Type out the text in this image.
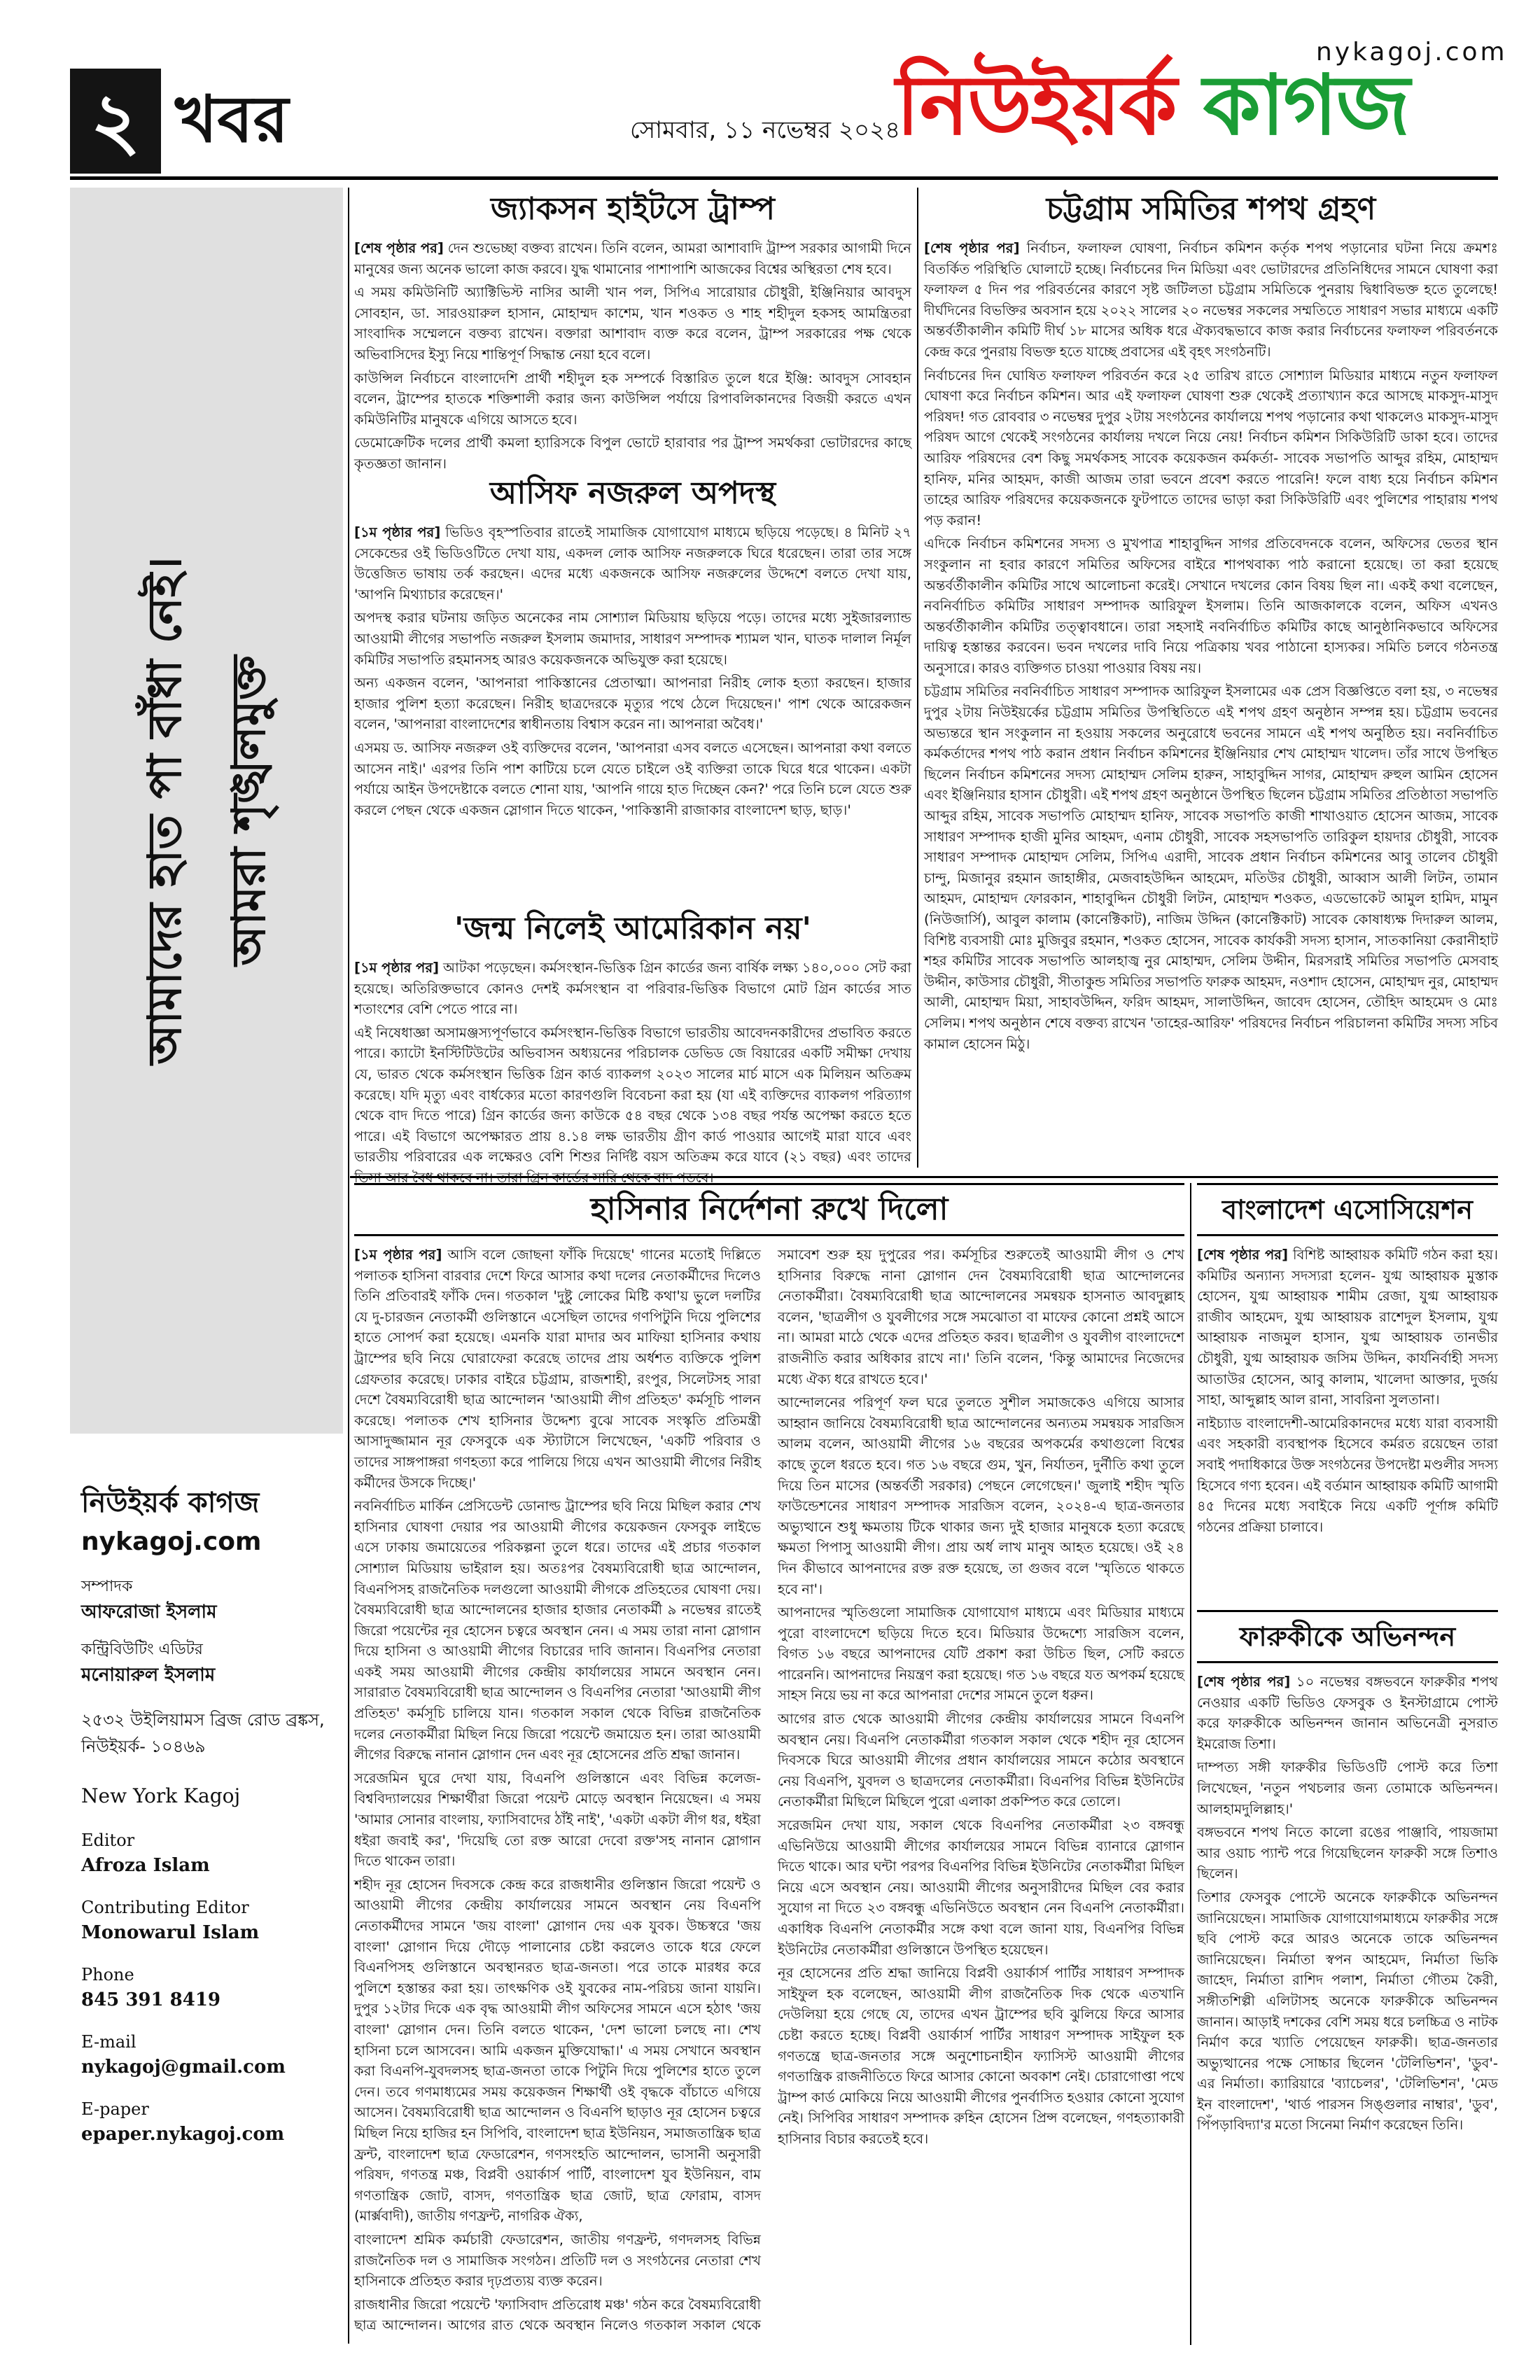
২ খবর	সোমবার, ১১ নভেম্বর ২০২৪
nykagoj.com
নিউইয়র্ক কাগজ
আমাদের হাত পা বাঁধা নেই। আমরা শৃঙ্খলমুক্ত
নিউইয়র্ক কাগজ
nykagoj.com
সম্পাদক
আফরোজা ইসলাম
কন্ট্রিবিউটিং এডিটর
মনোয়ারুল ইসলাম
২৫৩২ উইলিয়ামস ব্রিজ রোড ব্রঙ্কস, নিউইয়র্ক- ১০৪৬৯
New York Kagoj
Editor
Afroza Islam
Contributing Editor
Monowarul Islam
Phone
845 391 8419
E-mail
nykagoj@gmail.com
E-paper
epaper.nykagoj.com
জ্যাকসন হাইটসে ট্রাম্প

[শেষ পৃষ্ঠার পর] দেন শুভেচ্ছা বক্তব্য রাখেন। তিনি বলেন, আমরা আশাবাদি ট্রাম্প সরকার আগামী দিনে মানুষের জন্য অনেক ভালো কাজ করবে। যুদ্ধ থামানোর পাশাপাশি আজকের বিশ্বের অস্থিরতা শেষ হবে।

এ সময় কমিউনিটি অ্যাক্টিভিস্ট নাসির আলী খান পল, সিপিএ সারোয়ার চৌধুরী, ইঞ্জিনিয়ার আবদুস সোবহান, ডা. সারওয়ারুল হাসান, মোহাম্মদ কাশেম, খান শওকত ও শাহ শহীদুল হকসহ আমন্ত্রিতরা সাংবাদিক সম্মেলনে বক্তব্য রাখেন। বক্তারা আশাবাদ ব্যক্ত করে বলেন, ট্রাম্প সরকারের পক্ষ থেকে অভিবাসিদের ইস্যু নিয়ে শান্তিপূর্ণ সিদ্ধান্ত নেয়া হবে বলে।

কাউন্সিল নির্বাচনে বাংলাদেশি প্রার্থী শহীদুল হক সম্পর্কে বিস্তারিত তুলে ধরে ইঞ্জি: আবদুস সোবহান বলেন, ট্রাম্পের হাতকে শক্তিশালী করার জন্য কাউন্সিল পর্যায়ে রিপাবলিকানদের বিজয়ী করতে এখন কমিউনিটির মানুষকে এগিয়ে আসতে হবে।

ডেমোক্রেটিক দলের প্রার্থী কমলা হ্যারিসকে বিপুল ভোটে হারাবার পর ট্রাম্প সমর্থকরা ভোটারদের কাছে কৃতজ্ঞতা জানান।

আসিফ নজরুল অপদস্থ

[১ম পৃষ্ঠার পর] ভিডিও বৃহস্পতিবার রাতেই সামাজিক যোগাযোগ মাধ্যমে ছড়িয়ে পড়েছে। ৪ মিনিট ২৭ সেকেন্ডের ওই ভিডিওটিতে দেখা যায়, একদল লোক আসিফ নজরুলকে ঘিরে ধরেছেন। তারা তার সঙ্গে উত্তেজিত ভাষায় তর্ক করছেন। এদের মধ্যে একজনকে আসিফ নজরুলের উদ্দেশে বলতে দেখা যায়, 'আপনি মিথ্যাচার করেছেন।'

অপদস্থ করার ঘটনায় জড়িত অনেকের নাম সোশ্যাল মিডিয়ায় ছড়িয়ে পড়ে। তাদের মধ্যে সুইজারল্যান্ড আওয়ামী লীগের সভাপতি নজরুল ইসলাম জমাদার, সাধারণ সম্পাদক শ্যামল খান, ঘাতক দালাল নির্মূল কমিটির সভাপতি রহমানসহ আরও কয়েকজনকে অভিযুক্ত করা হয়েছে।

অন্য একজন বলেন, 'আপনারা পাকিস্তানের প্রেতাত্মা। আপনারা নিরীহ লোক হত্যা করছেন। হাজার হাজার পুলিশ হত্যা করেছেন। নিরীহ ছাত্রদেরকে মৃত্যুর পথে ঠেলে দিয়েছেন।' পাশ থেকে আরেকজন বলেন, 'আপনারা বাংলাদেশের স্বাধীনতায় বিশ্বাস করেন না। আপনারা অবৈধ।'

এসময় ড. আসিফ নজরুল ওই ব্যক্তিদের বলেন, 'আপনারা এসব বলতে এসেছেন। আপনারা কথা বলতে আসেন নাই।' এরপর তিনি পাশ কাটিয়ে চলে যেতে চাইলে ওই ব্যক্তিরা তাকে ঘিরে ধরে থাকেন। একটা পর্যায়ে আইন উপদেষ্টাকে বলতে শোনা যায়, 'আপনি গায়ে হাত দিচ্ছেন কেন?' পরে তিনি চলে যেতে শুরু করলে পেছন থেকে একজন স্লোগান দিতে থাকেন, 'পাকিস্তানী রাজাকার বাংলাদেশ ছাড়, ছাড়।'

'জন্ম নিলেই আমেরিকান নয়'

[১ম পৃষ্ঠার পর] আটকা পড়েছেন। কর্মসংস্থান-ভিত্তিক গ্রিন কার্ডের জন্য বার্ষিক লক্ষ্য ১৪০,০০০ সেট করা হয়েছে। অতিরিক্তভাবে কোনও দেশই কর্মসংস্থান বা পরিবার-ভিত্তিক বিভাগে মোট গ্রিন কার্ডের সাত শতাংশের বেশি পেতে পারে না।

এই নিষেধাজ্ঞা অসামঞ্জস্যপূর্ণভাবে কর্মসংস্থান-ভিত্তিক বিভাগে ভারতীয় আবেদনকারীদের প্রভাবিত করতে পারে। ক্যাটো ইনস্টিটিউটের অভিবাসন অধ্যয়নের পরিচালক ডেভিড জে বিয়ারের একটি সমীক্ষা দেখায় যে, ভারত থেকে কর্মসংস্থান ভিত্তিক গ্রিন কার্ড ব্যাকলগ ২০২৩ সালের মার্চ মাসে এক মিলিয়ন অতিক্রম করেছে। যদি মৃত্যু এবং বার্ধক্যের মতো কারণগুলি বিবেচনা করা হয় (যা এই ব্যক্তিদের ব্যাকলগ পরিত্যাগ থেকে বাদ দিতে পারে) গ্রিন কার্ডের জন্য কাউকে ৫৪ বছর থেকে ১৩৪ বছর পর্যন্ত অপেক্ষা করতে হতে পারে। এই বিভাগে অপেক্ষারত প্রায় ৪.১৪ লক্ষ ভারতীয় গ্রীণ কার্ড পাওয়ার আগেই মারা যাবে এবং ভারতীয় পরিবারের এক লক্ষেরও বেশি শিশুর নির্দিষ্ট বয়স অতিক্রম করে যাবে (২১ বছর) এবং তাদের ভিসা আর বৈধ থাকবে না। তারা গ্রিন কার্ডের সারি থেকে বাদ পড়বে।

চট্টগ্রাম সমিতির শপথ গ্রহণ

[শেষ পৃষ্ঠার পর] নির্বাচন, ফলাফল ঘোষণা, নির্বাচন কমিশন কর্তৃক শপথ পড়ানোর ঘটনা নিয়ে ক্রমশঃ বিতর্কিত পরিস্থিতি ঘোলাটে হচ্ছে। নির্বাচনের দিন মিডিয়া এবং ভোটারদের প্রতিনিধিদের সামনে ঘোষণা করা ফলাফল ৫ দিন পর পরিবর্তনের কারণে সৃষ্ট জটিলতা চট্টগ্রাম সমিতিকে পুনরায় দ্বিধাবিভক্ত হতে তুলেছে! দীর্ঘদিনের বিভক্তির অবসান হয়ে ২০২২ সালের ২০ নভেম্বর সকলের সম্মতিতে সাধারণ সভার মাধ্যমে একটি অন্তর্বর্তীকালীন কমিটি দীর্ঘ ১৮ মাসের অধিক ধরে ঐক্যবদ্ধভাবে কাজ করার নির্বাচনের ফলাফল পরিবর্তনকে কেন্দ্র করে পুনরায় বিভক্ত হতে যাচ্ছে প্রবাসের এই বৃহৎ সংগঠনটি।

নির্বাচনের দিন ঘোষিত ফলাফল পরিবর্তন করে ২৫ তারিখ রাতে সোশ্যাল মিডিয়ার মাধ্যমে নতুন ফলাফল ঘোষণা করে নির্বাচন কমিশন। আর এই ফলাফল ঘোষণা শুরু থেকেই প্রত্যাখ্যান করে আসছে মাকসুদ-মাসুদ পরিষদ! গত রোববার ৩ নভেম্বর দুপুর ২টায় সংগঠনের কার্যালয়ে শপথ পড়ানোর কথা থাকলেও মাকসুদ-মাসুদ পরিষদ আগে থেকেই সংগঠনের কার্যালয় দখলে নিয়ে নেয়! নির্বাচন কমিশন সিকিউরিটি ডাকা হবে। তাদের আরিফ পরিষদের বেশ কিছু সমর্থকসহ সাবেক কয়েকজন কর্মকর্তা- সাবেক সভাপতি আব্দুর রহিম, মোহাম্মদ হানিফ, মনির আহমদ, কাজী আজম তারা ভবনে প্রবেশ করতে পারেনি! ফলে বাধ্য হয়ে নির্বাচন কমিশন তাহের আরিফ পরিষদের কয়েকজনকে ফুটপাতে তাদের ভাড়া করা সিকিউরিটি এবং পুলিশের পাহারায় শপথ পড় করান!

এদিকে নির্বাচন কমিশনের সদস্য ও মুখপাত্র শাহাবুদ্দিন সাগর প্রতিবেদনকে বলেন, অফিসের ভেতর স্থান সংকুলান না হবার কারণে সমিতির অফিসের বাইরে শাপথবাক্য পাঠ করানো হয়েছে। তা করা হয়েছে অন্তর্বর্তীকালীন কমিটির সাথে আলোচনা করেই। সেখানে দখলের কোন বিষয় ছিল না। একই কথা বলেছেন, নবনির্বাচিত কমিটির সাধারণ সম্পাদক আরিফুল ইসলাম। তিনি আজকালকে বলেন, অফিস এখনও অন্তর্বর্তীকালীন কমিটির তত্ত্বাবধানে। তারা সহসাই নবনির্বাচিত কমিটির কাছে আনুষ্ঠানিকভাবে অফিসের দায়িত্ব হস্তান্তর করবেন। ভবন দখলের দাবি নিয়ে পত্রিকায় খবর পাঠানো হাস্যকর। সমিতি চলবে গঠনতন্ত্র অনুসারে। কারও ব্যক্তিগত চাওয়া পাওয়ার বিষয় নয়।

চট্টগ্রাম সমিতির নবনির্বাচিত সাধারণ সম্পাদক আরিফুল ইসলামের এক প্রেস বিজ্ঞপ্তিতে বলা হয়, ৩ নভেম্বর দুপুর ২টায় নিউইয়র্কের চট্টগ্রাম সমিতির উপস্থিতিতে এই শপথ গ্রহণ অনুষ্ঠান সম্পন্ন হয়। চট্টগ্রাম ভবনের অভ্যন্তরে স্থান সংকুলান না হওয়ায় সকলের অনুরোধে ভবনের সামনে এই শপথ অনুষ্ঠিত হয়। নবনির্বাচিত কর্মকর্তাদের শপথ পাঠ করান প্রধান নির্বাচন কমিশনের ইঞ্জিনিয়ার শেখ মোহাম্মদ খালেদ। তাঁর সাথে উপস্থিত ছিলেন নির্বাচন কমিশনের সদস্য মোহাম্মদ সেলিম হারুন, সাহাবুদ্দিন সাগর, মোহাম্মদ রুহুল আমিন হোসেন এবং ইঞ্জিনিয়ার হাসান চৌধুরী। এই শপথ গ্রহণ অনুষ্ঠানে উপস্থিত ছিলেন চট্টগ্রাম সমিতির প্রতিষ্ঠাতা সভাপতি আব্দুর রহিম, সাবেক সভাপতি মোহাম্মদ হানিফ, সাবেক সভাপতি কাজী শাখাওয়াত হোসেন আজম, সাবেক সাধারণ সম্পাদক হাজী মুনির আহমদ, এনাম চৌধুরী, সাবেক সহসভাপতি তারিকুল হায়দার চৌধুরী, সাবেক সাধারণ সম্পাদক মোহাম্মদ সেলিম, সিপিএ এরাদী, সাবেক প্রধান নির্বাচন কমিশনের আবু তালেব চৌধুরী চান্দু, মিজানুর রহমান জাহাঙ্গীর, মেজবাহউদ্দিন আহমেদ, মতিউর চৌধুরী, আব্বাস আলী লিটন, তামান আহমদ, মোহাম্মদ ফোরকান, শাহাবুদ্দিন চৌধুরী লিটন, মোহাম্মদ শওকত, এডভোকেট আমুল হামিদ, মামুন (নিউজার্সি), আবুল কালাম (কানেক্টিকাট), নাজিম উদ্দিন (কানেক্টিকাট) সাবেক কোষাধ্যক্ষ দিদারুল আলম, বিশিষ্ট ব্যবসায়ী মোঃ মুজিবুর রহমান, শওকত হোসেন, সাবেক কার্যকরী সদস্য হাসান, সাতকানিয়া কেরানীহাট শহর কমিটির সাবেক সভাপতি আলহাজ্ব নুর মোহাম্মদ, সেলিম উদ্দীন, মিরসরাই সমিতির সভাপতি মেসবাহ উদ্দীন, কাউসার চৌধুরী, সীতাকুন্ড সমিতির সভাপতি ফারুক আহমদ, নওশাদ হোসেন, মোহাম্মদ নুর, মোহাম্মদ আলী, মোহাম্মদ মিয়া, সাহাবউদ্দিন, ফরিদ আহমদ, সালাউদ্দিন, জাবেদ হোসেন, তৌহিদ আহমেদ ও মোঃ সেলিম। শপথ অনুষ্ঠান শেষে বক্তব্য রাখেন 'তাহের-আরিফ' পরিষদের নির্বাচন পরিচালনা কমিটির সদস্য সচিব কামাল হোসেন মিঠু।

হাসিনার নির্দেশনা রুখে দিলো

[১ম পৃষ্ঠার পর] আসি বলে জোছনা ফাঁকি দিয়েছে' গানের মতোই দিল্লিতে পলাতক হাসিনা বারবার দেশে ফিরে আসার কথা দলের নেতাকর্মীদের দিলেও তিনি প্রতিবারই ফাঁকি দেন। গতকাল 'দুষ্টু লোকের মিষ্টি কথা'য় ভুলে দলটির যে দু-চারজন নেতাকর্মী গুলিস্তানে এসেছিল তাদের গণপিটুনি দিয়ে পুলিশের হাতে সোপর্দ করা হয়েছে। এমনকি যারা মাদার অব মাফিয়া হাসিনার কথায় ট্রাম্পের ছবি নিয়ে ঘোরাফেরা করেছে তাদের প্রায় অর্ধশত ব্যক্তিকে পুলিশ গ্রেফতার করেছে। ঢাকার বাইরে চট্টগ্রাম, রাজশাহী, রংপুর, সিলেটসহ সারা দেশে বৈষম্যবিরোধী ছাত্র আন্দোলন 'আওয়ামী লীগ প্রতিহত' কর্মসূচি পালন করেছে। পলাতক শেখ হাসিনার উদ্দেশ্য বুঝে সাবেক সংস্কৃতি প্রতিমন্ত্রী আসাদুজ্জামান নূর ফেসবুকে এক স্ট্যাটাসে লিখেছেন, 'একটি পরিবার ও তাদের সাঙ্গপাঙ্গরা গণহত্যা করে পালিয়ে গিয়ে এখন আওয়ামী লীগের নিরীহ কর্মীদের উসকে দিচ্ছে।'

নবনির্বাচিত মার্কিন প্রেসিডেন্ট ডোনাল্ড ট্রাম্পের ছবি নিয়ে মিছিল করার শেখ হাসিনার ঘোষণা দেয়ার পর আওয়ামী লীগের কয়েকজন ফেসবুক লাইভে এসে ঢাকায় জমায়েতের পরিকল্পনা তুলে ধরে। তাদের এই প্রচার গতকাল সোশ্যাল মিডিয়ায় ভাইরাল হয়। অতঃপর বৈষম্যবিরোধী ছাত্র আন্দোলন, বিএনপিসহ রাজনৈতিক দলগুলো আওয়ামী লীগকে প্রতিহতের ঘোষণা দেয়। বৈষম্যবিরোধী ছাত্র আন্দোলনের হাজার হাজার নেতাকর্মী ৯ নভেম্বর রাতেই জিরো পয়েন্টের নূর হোসেন চত্বরে অবস্থান নেন। এ সময় তারা নানা স্লোগান দিয়ে হাসিনা ও আওয়ামী লীগের বিচারের দাবি জানান। বিএনপির নেতারা একই সময় আওয়ামী লীগের কেন্দ্রীয় কার্যালয়ের সামনে অবস্থান নেন। সারারাত বৈষম্যবিরোধী ছাত্র আন্দোলন ও বিএনপির নেতারা 'আওয়ামী লীগ প্রতিহত' কর্মসূচি চালিয়ে যান। গতকাল সকাল থেকে বিভিন্ন রাজনৈতিক দলের নেতাকর্মীরা মিছিল নিয়ে জিরো পয়েন্টে জমায়েত হন। তারা আওয়ামী লীগের বিরুদ্ধে নানান স্লোগান দেন এবং নূর হোসেনের প্রতি শ্রদ্ধা জানান।

সরেজমিন ঘুরে দেখা যায়, বিএনপি গুলিস্তানে এবং বিভিন্ন কলেজ-বিশ্ববিদ্যালয়ের শিক্ষার্থীরা জিরো পয়েন্ট মোড়ে অবস্থান নিয়েছেন। এ সময় 'আমার সোনার বাংলায়, ফ্যাসিবাদের ঠাঁই নাই', 'একটা একটা লীগ ধর, ধইরা ধইরা জবাই কর', 'দিয়েছি তো রক্ত আরো দেবো রক্ত'সহ নানান স্লোগান দিতে থাকেন তারা।

শহীদ নূর হোসেন দিবসকে কেন্দ্র করে রাজধানীর গুলিস্তান জিরো পয়েন্ট ও আওয়ামী লীগের কেন্দ্রীয় কার্যালয়ের সামনে অবস্থান নেয় বিএনপি নেতাকর্মীদের সামনে 'জয় বাংলা' স্লোগান দেয় এক যুবক। উচ্চস্বরে 'জয় বাংলা' স্লোগান দিয়ে দৌড়ে পালানোর চেষ্টা করলেও তাকে ধরে ফেলে বিএনপিসহ গুলিস্তানে অবস্থানরত ছাত্র-জনতা। পরে তাকে মারধর করে পুলিশে হস্তান্তর করা হয়। তাৎক্ষণিক ওই যুবকের নাম-পরিচয় জানা যায়নি। দুপুর ১২টার দিকে এক বৃদ্ধ আওয়ামী লীগ অফিসের সামনে এসে হঠাৎ 'জয় বাংলা' স্লোগান দেন। তিনি বলতে থাকেন, 'দেশ ভালো চলছে না। শেখ হাসিনা চলে আসবেন। আমি একজন মুক্তিযোদ্ধা।' এ সময় সেখানে অবস্থান করা বিএনপি-যুবদলসহ ছাত্র-জনতা তাকে পিটুনি দিয়ে পুলিশের হাতে তুলে দেন। তবে গণমাধ্যমের সময় কয়েকজন শিক্ষার্থী ওই বৃদ্ধকে বাঁচাতে এগিয়ে আসেন। বৈষম্যবিরোধী ছাত্র আন্দোলন ও বিএনপি ছাড়াও নূর হোসেন চত্বরে মিছিল নিয়ে হাজির হন সিপিবি, বাংলাদেশ ছাত্র ইউনিয়ন, সমাজতান্ত্রিক ছাত্র ফ্রন্ট, বাংলাদেশ ছাত্র ফেডারেশন, গণসংহতি আন্দোলন, ভাসানী অনুসারী পরিষদ, গণতন্ত্র মঞ্চ, বিপ্লবী ওয়ার্কার্স পার্টি, বাংলাদেশ যুব ইউনিয়ন, বাম গণতান্ত্রিক জোট, বাসদ, গণতান্ত্রিক ছাত্র জোট, ছাত্র ফোরাম, বাসদ (মার্ক্সবাদী), জাতীয় গণফ্রন্ট, নাগরিক ঐক্য,

বাংলাদেশ শ্রমিক কর্মচারী ফেডারেশন, জাতীয় গণফ্রন্ট, গণদলসহ বিভিন্ন রাজনৈতিক দল ও সামাজিক সংগঠন। প্রতিটি দল ও সংগঠনের নেতারা শেখ হাসিনাকে প্রতিহত করার দৃঢ়প্রত্যয় ব্যক্ত করেন।

রাজধানীর জিরো পয়েন্টে 'ফ্যাসিবাদ প্রতিরোধ মঞ্চ' গঠন করে বৈষম্যবিরোধী ছাত্র আন্দোলন। আগের রাত থেকে অবস্থান নিলেও গতকাল সকাল থেকে সমাবেশ শুরু হয় দুপুরের পর। কর্মসূচির শুরুতেই আওয়ামী লীগ ও শেখ হাসিনার বিরুদ্ধে নানা স্লোগান দেন বৈষম্যবিরোধী ছাত্র আন্দোলনের নেতাকর্মীরা। বৈষম্যবিরোধী ছাত্র আন্দোলনের সমন্বয়ক হাসনাত আবদুল্লাহ বলেন, 'ছাত্রলীগ ও যুবলীগের সঙ্গে সমঝোতা বা মাফের কোনো প্রশ্নই আসে না। আমরা মাঠে থেকে এদের প্রতিহত করব। ছাত্রলীগ ও যুবলীগ বাংলাদেশে রাজনীতি করার অধিকার রাখে না।' তিনি বলেন, 'কিন্তু আমাদের নিজেদের মধ্যে ঐক্য ধরে রাখতে হবে।'

আন্দোলনের পরিপূর্ণ ফল ঘরে তুলতে সুশীল সমাজকেও এগিয়ে আসার আহ্বান জানিয়ে বৈষম্যবিরোধী ছাত্র আন্দোলনের অন্যতম সমন্বয়ক সারজিস আলম বলেন, আওয়ামী লীগের ১৬ বছরের অপকর্মের কথাগুলো বিশ্বের কাছে তুলে ধরতে হবে। গত ১৬ বছরে গুম, খুন, নির্যাতন, দুর্নীতি কথা তুলে দিয়ে তিন মাসের (অন্তর্বর্তী সরকার) পেছনে লেগেছেন।' জুলাই শহীদ স্মৃতি ফাউন্ডেশনের সাধারণ সম্পাদক সারজিস বলেন, ২০২৪-এ ছাত্র-জনতার অভ্যুত্থানে শুধু ক্ষমতায় টিকে থাকার জন্য দুই হাজার মানুষকে হত্যা করেছে ক্ষমতা পিপাসু আওয়ামী লীগ। প্রায় অর্ধ লাখ মানুষ আহত হয়েছে। ওই ২৪ দিন কীভাবে আপনাদের রক্ত রক্ত হয়েছে, তা গুজব বলে 'স্মৃতিতে থাকতে হবে না'।

আপনাদের স্মৃতিগুলো সামাজিক যোগাযোগ মাধ্যমে এবং মিডিয়ার মাধ্যমে পুরো বাংলাদেশে ছড়িয়ে দিতে হবে। মিডিয়ার উদ্দেশ্যে সারজিস বলেন, বিগত ১৬ বছরে আপনাদের যেটি প্রকাশ করা উচিত ছিল, সেটি করতে পারেননি। আপনাদের নিয়ন্ত্রণ করা হয়েছে। গত ১৬ বছরে যত অপকর্ম হয়েছে সাহস নিয়ে ভয় না করে আপনারা দেশের সামনে তুলে ধরুন।

আগের রাত থেকে আওয়ামী লীগের কেন্দ্রীয় কার্যালয়ের সামনে বিএনপি অবস্থান নেয়। বিএনপি নেতাকর্মীরা গতকাল সকাল থেকে শহীদ নূর হোসেন দিবসকে ঘিরে আওয়ামী লীগের প্রধান কার্যালয়ের সামনে কঠোর অবস্থানে নেয় বিএনপি, যুবদল ও ছাত্রদলের নেতাকর্মীরা। বিএনপির বিভিন্ন ইউনিটের নেতাকর্মীরা মিছিলে মিছিলে পুরো এলাকা প্রকম্পিত করে তোলে।

সরেজমিন দেখা যায়, সকাল থেকে বিএনপির নেতাকর্মীরা ২৩ বঙ্গবন্ধু এভিনিউয়ে আওয়ামী লীগের কার্যালয়ের সামনে বিভিন্ন ব্যানারে স্লোগান দিতে থাকে। আর ঘন্টা পরপর বিএনপির বিভিন্ন ইউনিটের নেতাকর্মীরা মিছিল নিয়ে এসে অবস্থান নেয়। আওয়ামী লীগের অনুসারীদের মিছিল বের করার সুযোগ না দিতে ২৩ বঙ্গবন্ধু এভিনিউতে অবস্থান নেন বিএনপি নেতাকর্মীরা। একাধিক বিএনপি নেতাকর্মীর সঙ্গে কথা বলে জানা যায়, বিএনপির বিভিন্ন ইউনিটের নেতাকর্মীরা গুলিস্তানে উপস্থিত হয়েছেন।

নূর হোসেনের প্রতি শ্রদ্ধা জানিয়ে বিপ্লবী ওয়ার্কার্স পার্টির সাধারণ সম্পাদক সাইফুল হক বলেছেন, আওয়ামী লীগ রাজনৈতিক দিক থেকে এতখানি দেউলিয়া হয়ে গেছে যে, তাদের এখন ট্রাম্পের ছবি ঝুলিয়ে ফিরে আসার চেষ্টা করতে হচ্ছে। বিপ্লবী ওয়ার্কার্স পার্টির সাধারণ সম্পাদক সাইফুল হক গণতন্ত্রে ছাত্র-জনতার সঙ্গে অনুশোচনাহীন ফ্যাসিস্ট আওয়ামী লীগের গণতান্ত্রিক রাজনীতিতে ফিরে আসার কোনো অবকাশ নেই। চোরাগোপ্তা পথে ট্রাম্প কার্ড মোকিয়ে নিয়ে আওয়ামী লীগের পুনর্বাসিত হওয়ার কোনো সুযোগ নেই। সিপিবির সাধারণ সম্পাদক রুহিন হোসেন প্রিন্স বলেছেন, গণহত্যাকারী হাসিনার বিচার করতেই হবে।

বাংলাদেশ এসোসিয়েশন

[শেষ পৃষ্ঠার পর] বিশিষ্ট আহ্বায়ক কমিটি গঠন করা হয়। কমিটির অন্যান্য সদস্যরা হলেন- যুগ্ম আহ্বায়ক মুস্তাক হোসেন, যুগ্ম আহ্বায়ক শামীম রেজা, যুগ্ম আহ্বায়ক রাজীব আহমেদ, যুগ্ম আহ্বায়ক রাশেদুল ইসলাম, যুগ্ম আহ্বায়ক নাজমুল হাসান, যুগ্ম আহ্বায়ক তানভীর চৌধুরী, যুগ্ম আহ্বায়ক জসিম উদ্দিন, কার্যনির্বাহী সদস্য আতাউর হোসেন, আবু কালাম, খালেদা আক্তার, দুর্জয় সাহা, আব্দুল্লাহ আল রানা, সাবরিনা সুলতানা।

নাইচ্যাড বাংলাদেশী-আমেরিকানদের মধ্যে যারা ব্যবসায়ী এবং সহকারী ব্যবস্থাপক হিসেবে কর্মরত রয়েছেন তারা সবাই পদাধিকারে উক্ত সংগঠনের উপদেষ্টা মণ্ডলীর সদস্য হিসেবে গণ্য হবেন। এই বর্তমান আহ্বায়ক কমিটি আগামী ৪৫ দিনের মধ্যে সবাইকে নিয়ে একটি পূর্ণাঙ্গ কমিটি গঠনের প্রক্রিয়া চালাবে।

ফারুকীকে অভিনন্দন

[শেষ পৃষ্ঠার পর] ১০ নভেম্বর বঙ্গভবনে ফারুকীর শপথ নেওয়ার একটি ভিডিও ফেসবুক ও ইনস্টাগ্রামে পোস্ট করে ফারুকীকে অভিনন্দন জানান অভিনেত্রী নুসরাত ইমরোজ তিশা।

দাম্পত্য সঙ্গী ফারুকীর ভিডিওটি পোস্ট করে তিশা লিখেছেন, 'নতুন পথচলার জন্য তোমাকে অভিনন্দন। আলহামদুলিল্লাহ।'

বঙ্গভবনে শপথ নিতে কালো রঙের পাঞ্জাবি, পায়জামা আর ওয়াচ প্যান্ট পরে গিয়েছিলেন ফারুকী সঙ্গে তিশাও ছিলেন।

তিশার ফেসবুক পোস্টে অনেকে ফারুকীকে অভিনন্দন জানিয়েছেন। সামাজিক যোগাযোগমাধ্যমে ফারুকীর সঙ্গে ছবি পোস্ট করে আরও অনেকে তাকে অভিনন্দন জানিয়েছেন। নির্মাতা স্বপন আহমেদ, নির্মাতা ভিকি জাহেদ, নির্মাতা রাশিদ পলাশ, নির্মাতা গৌতম কৈরী, সঙ্গীতশিল্পী এলিটাসহ অনেকে ফারুকীকে অভিনন্দন জানান। আড়াই দশকের বেশি সময় ধরে চলচ্চিত্র ও নাটক নির্মাণ করে খ্যাতি পেয়েছেন ফারুকী। ছাত্র-জনতার অভ্যুত্থানের পক্ষে সোচ্চার ছিলেন 'টেলিভিশন', 'ডুব'-এর নির্মাতা। ক্যারিয়ারে 'ব্যাচেলর', 'টেলিভিশন', 'মেড ইন বাংলাদেশ', 'থার্ড পারসন সিঙ্গুলার নাম্বার', 'ডুব', পিঁপড়াবিদ্যা'র মতো সিনেমা নির্মাণ করেছেন তিনি।
